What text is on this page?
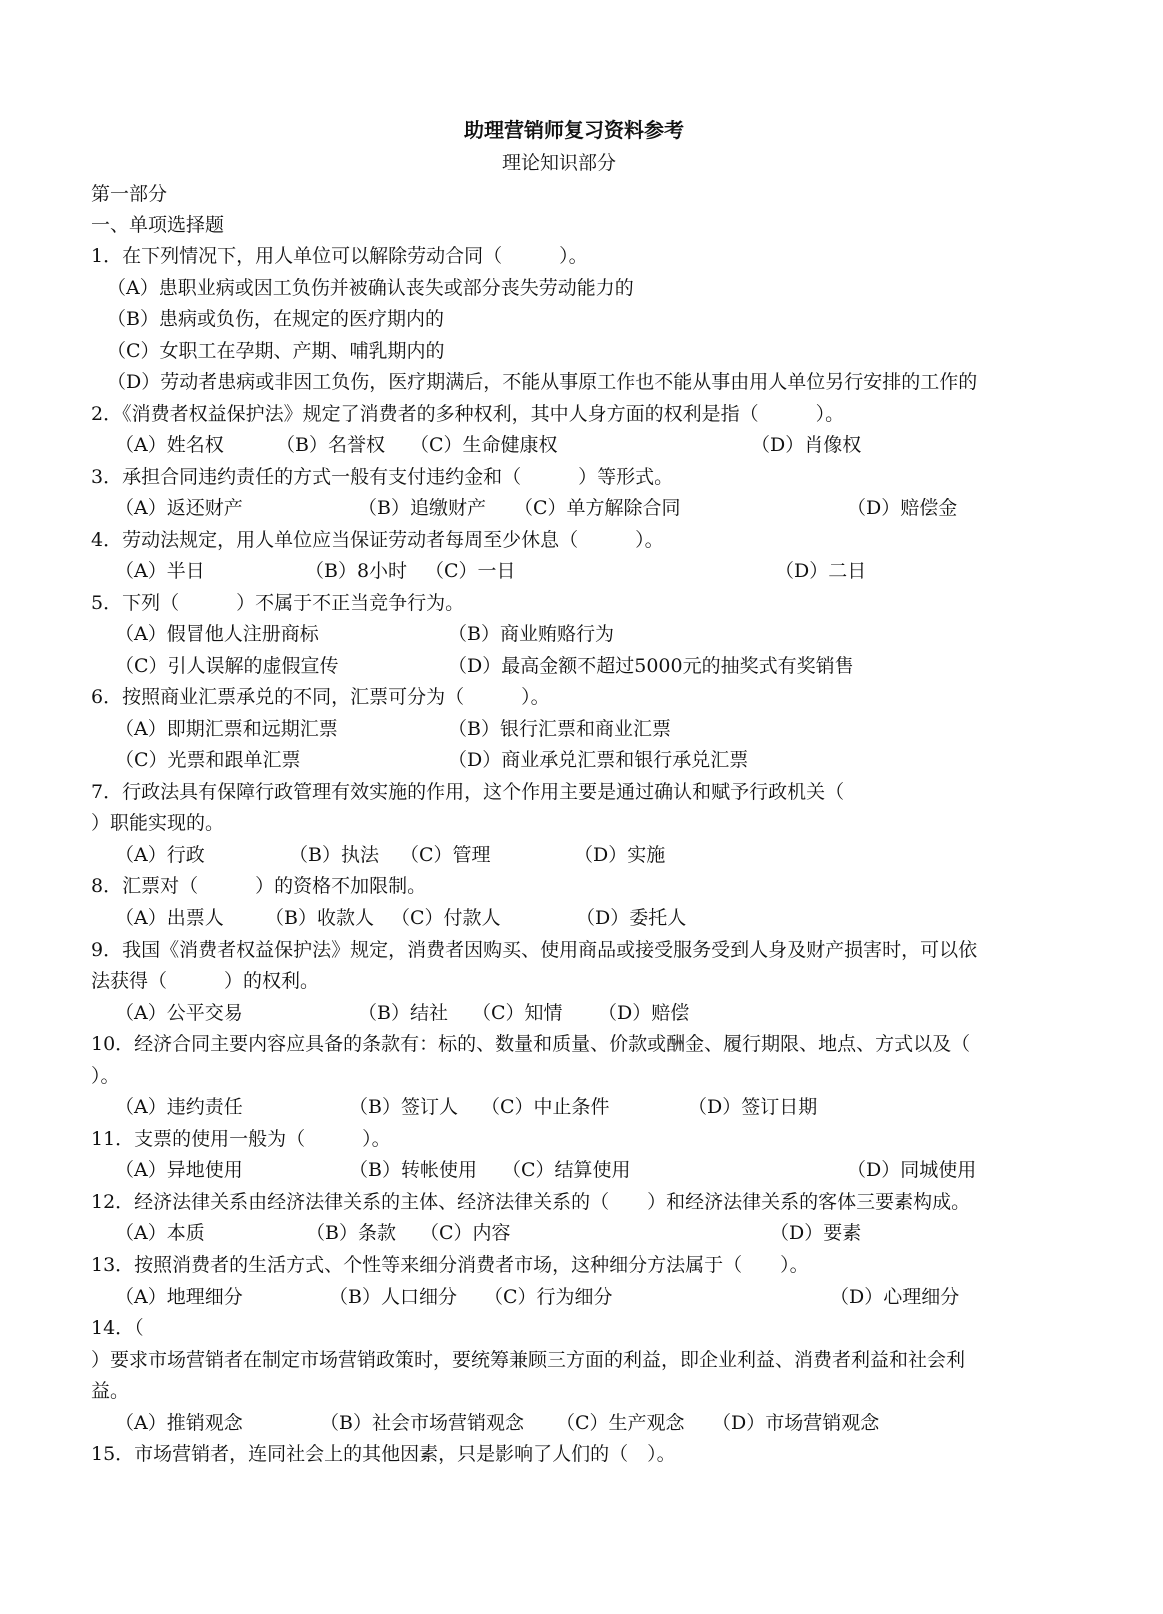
助理营销师复习资料参考
理论知识部分
第一部分
一、单项选择题
1．在下列情况下，用人单位可以解除劳动合同（　　　）。
（A）患职业病或因工负伤并被确认丧失或部分丧失劳动能力的
（B）患病或负伤，在规定的医疗期内的
（C）女职工在孕期、产期、哺乳期内的
（D）劳动者患病或非因工负伤，医疗期满后，不能从事原工作也不能从事由用人单位另行安排的工作的
2．《消费者权益保护法》规定了消费者的多种权利，其中人身方面的权利是指（　　　）。
（A）姓名权	（B）名誉权 （C）生命健康权	（D）肖像权
3．承担合同违约责任的方式一般有支付违约金和（　　　）等形式。
（A）返还财产	（B）追缴财产 （C）单方解除合同	（D）赔偿金
4．劳动法规定，用人单位应当保证劳动者每周至少休息（　　　）。
（A）半日	（B）8小时 （C）一日	（D）二日
5．下列（　　　）不属于不正当竞争行为。
（A）假冒他人注册商标	（B）商业贿赂行为
（C）引人误解的虚假宣传	（D）最高金额不超过5000元的抽奖式有奖销售
6．按照商业汇票承兑的不同，汇票可分为（　　　）。
（A）即期汇票和远期汇票	（B）银行汇票和商业汇票
（C）光票和跟单汇票	（D）商业承兑汇票和银行承兑汇票
7．行政法具有保障行政管理有效实施的作用，这个作用主要是通过确认和赋予行政机关（
）职能实现的。
（A）行政	（B）执法 （C）管理	（D）实施
8．汇票对（　　　）的资格不加限制。
（A）出票人 （B）收款人 （C）付款人	（D）委托人
9．我国《消费者权益保护法》规定，消费者因购买、使用商品或接受服务受到人身及财产损害时，可以依
法获得（　　　）的权利。
（A）公平交易	（B）结社 （C）知情 （D）赔偿
10．经济合同主要内容应具备的条款有：标的、数量和质量、价款或酬金、履行期限、地点、方式以及（
）。
（A）违约责任	（B）签订人 （C）中止条件	（D）签订日期
11．支票的使用一般为（　　　）。
（A）异地使用	（B）转帐使用 （C）结算使用	（D）同城使用
12．经济法律关系由经济法律关系的主体、经济法律关系的（　　）和经济法律关系的客体三要素构成。
（A）本质	（B）条款 （C）内容	（D）要素
13．按照消费者的生活方式、个性等来细分消费者市场，这种细分方法属于（　　）。
（A）地理细分	（B）人口细分 （C）行为细分	（D）心理细分
14．（
）要求市场营销者在制定市场营销政策时，要统筹兼顾三方面的利益，即企业利益、消费者利益和社会利
益。
（A）推销观念	（B）社会市场营销观念 （C）生产观念 （D）市场营销观念
15．市场营销者，连同社会上的其他因素，只是影响了人们的（　）。
